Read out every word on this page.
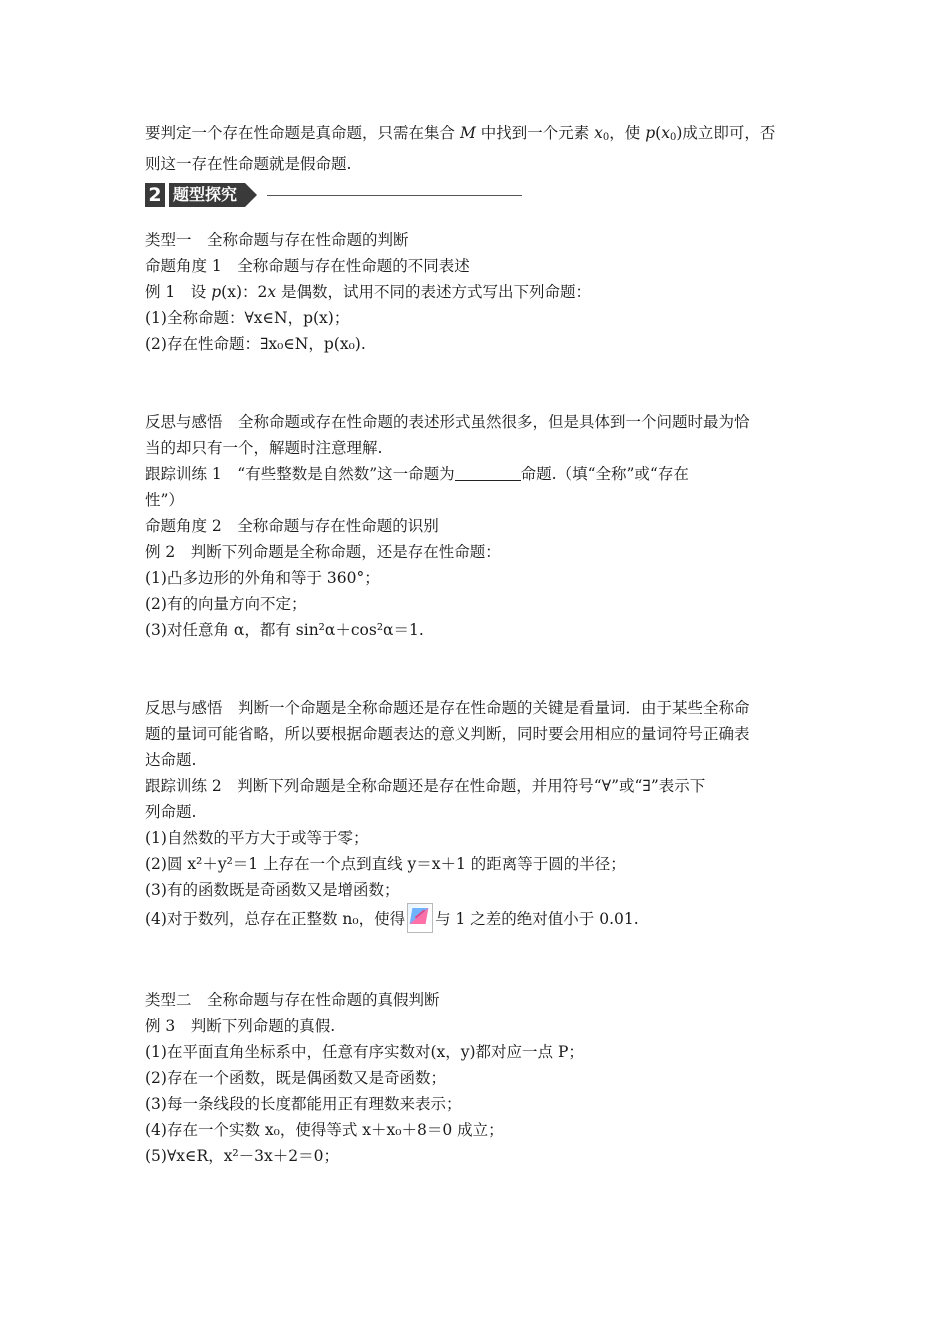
要判定一个存在性命题是真命题，只需在集合 M 中找到一个元素 $x_0$，使 $p(x_0)$成立即可，否
则这一存在性命题就是假命题.
2 题型探究
类型一　全称命题与存在性命题的判断
命题角度 1　全称命题与存在性命题的不同表述
例 1　设 p(x)：2x 是偶数，试用不同的表述方式写出下列命题：
(1)全称命题：∀x∈N，p(x)；
(2)存在性命题：∃x₀∈N，p(x₀).
反思与感悟　全称命题或存在性命题的表述形式虽然很多，但是具体到一个问题时最为恰
当的却只有一个，解题时注意理解.
跟踪训练 1　“有些整数是自然数”这一命题为	命题.（填“全称”或“存在
性”）
命题角度 2　全称命题与存在性命题的识别
例 2　判断下列命题是全称命题，还是存在性命题：
(1)凸多边形的外角和等于 360°；
(2)有的向量方向不定；
(3)对任意角 α，都有 sin²α＋cos²α＝1.
反思与感悟　判断一个命题是全称命题还是存在性命题的关键是看量词．由于某些全称命
题的量词可能省略，所以要根据命题表达的意义判断，同时要会用相应的量词符号正确表
达命题.
跟踪训练 2　判断下列命题是全称命题还是存在性命题，并用符号“∀”或“∃”表示下
列命题.
(1)自然数的平方大于或等于零；
(2)圆 x²＋y²＝1 上存在一个点到直线 y＝x＋1 的距离等于圆的半径；
(3)有的函数既是奇函数又是增函数；
(4)对于数列，总存在正整数 n₀，使得 与 1 之差的绝对值小于 0.01.
类型二　全称命题与存在性命题的真假判断
例 3　判断下列命题的真假.
(1)在平面直角坐标系中，任意有序实数对(x，y)都对应一点 P；
(2)存在一个函数，既是偶函数又是奇函数；
(3)每一条线段的长度都能用正有理数来表示；
(4)存在一个实数 x₀，使得等式 x＋x₀＋8＝0 成立；
(5)∀x∈R，x²－3x＋2＝0；
